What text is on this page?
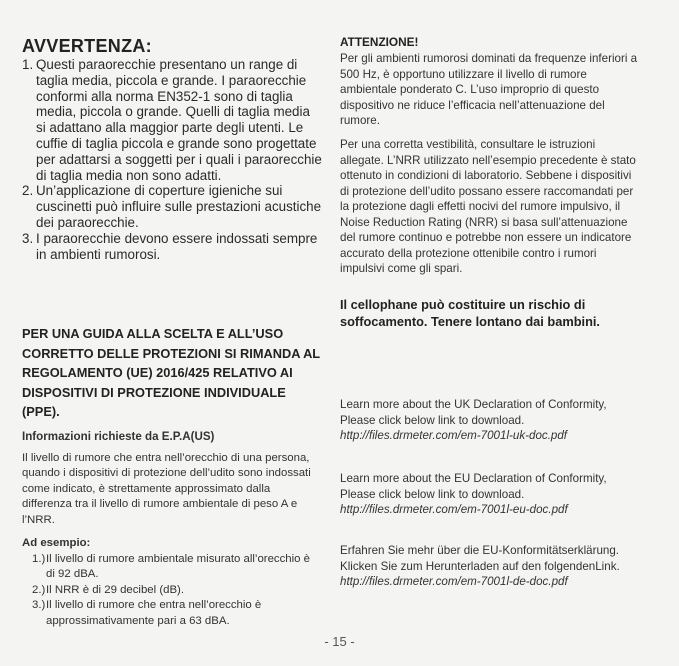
AVVERTENZA:
1. Questi paraorecchie presentano un range di taglia media, piccola e grande. I paraorecchie conformi alla norma EN352-1 sono di taglia media, piccola o grande. Quelli di taglia media si adattano alla maggior parte degli utenti. Le cuffie di taglia piccola e grande sono progettate per adattarsi a soggetti per i quali i paraorecchie di taglia media non sono adatti.
2. Un’applicazione di coperture igieniche sui cuscinetti può influire sulle prestazioni acustiche dei paraorecchie.
3. I paraorecchie devono essere indossati sempre in ambienti rumorosi.
PER UNA GUIDA ALLA SCELTA E ALL’USO CORRETTO DELLE PROTEZIONI SI RIMANDA AL REGOLAMENTO (UE) 2016/425 RELATIVO AI DISPOSITIVI DI PROTEZIONE INDIVIDUALE (PPE).
Informazioni richieste da E.P.A(US)
Il livello di rumore che entra nell’orecchio di una persona, quando i dispositivi di protezione dell’udito sono indossati come indicato, è strettamente approssimato dalla differenza tra il livello di rumore ambientale di peso A e l’NRR.
Ad esempio:
1.) Il livello di rumore ambientale misurato all’orecchio è di 92 dBA.
2.) Il NRR è di 29 decibel (dB).
3.) Il livello di rumore che entra nell’orecchio è approssimativamente pari a 63 dBA.
ATTENZIONE!
Per gli ambienti rumorosi dominati da frequenze inferiori a 500 Hz, è opportuno utilizzare il livello di rumore ambientale ponderato C. L’uso improprio di questo dispositivo ne riduce l’efficacia nell’attenuazione del rumore.
Per una corretta vestibilità, consultare le istruzioni allegate. L’NRR utilizzato nell’esempio precedente è stato ottenuto in condizioni di laboratorio. Sebbene i dispositivi di protezione dell’udito possano essere raccomandati per la protezione dagli effetti nocivi del rumore impulsivo, il Noise Reduction Rating (NRR) si basa sull’attenuazione del rumore continuo e potrebbe non essere un indicatore accurato della protezione ottenibile contro i rumori impulsivi come gli spari.
Il cellophane può costituire un rischio di soffocamento. Tenere lontano dai bambini.
Learn more about the UK Declaration of Conformity, Please click below link to download.
http://files.drmeter.com/em-7001l-uk-doc.pdf
Learn more about the EU Declaration of Conformity, Please click below link to download.
http://files.drmeter.com/em-7001l-eu-doc.pdf
Erfahren Sie mehr über die EU-Konformitätserklärung. Klicken Sie zum Herunterladen auf den folgendenLink.
http://files.drmeter.com/em-7001l-de-doc.pdf
- 15 -
